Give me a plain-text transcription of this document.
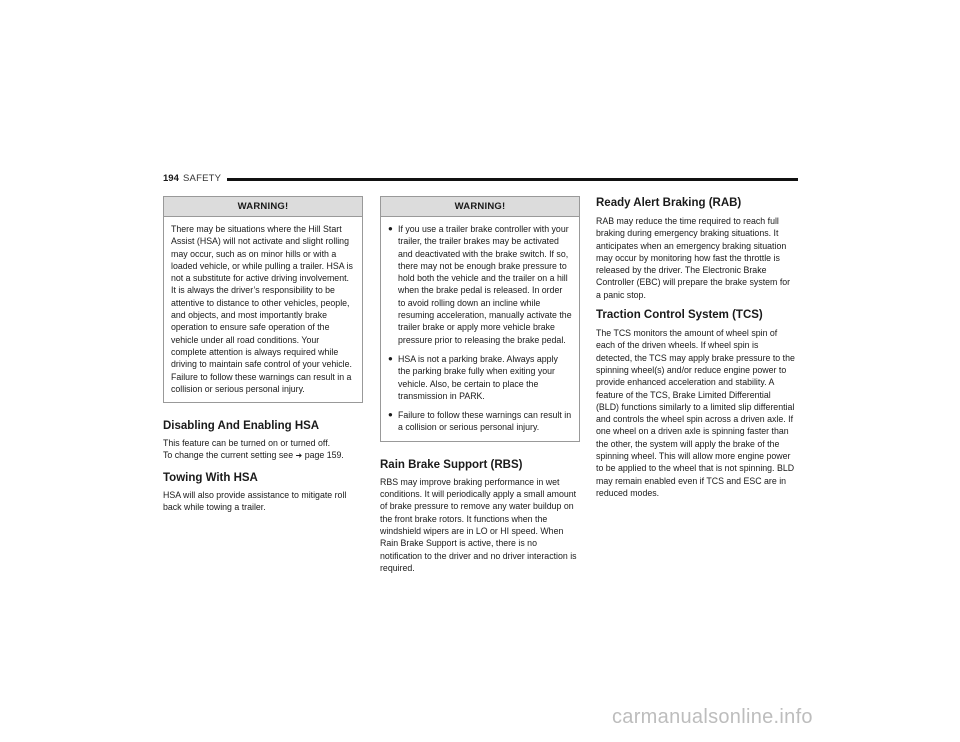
194 SAFETY
WARNING!
There may be situations where the Hill Start Assist (HSA) will not activate and slight rolling may occur, such as on minor hills or with a loaded vehicle, or while pulling a trailer. HSA is not a substitute for active driving involvement. It is always the driver’s responsibility to be attentive to distance to other vehicles, people, and objects, and most importantly brake operation to ensure safe operation of the vehicle under all road conditions. Your complete attention is always required while driving to maintain safe control of your vehicle. Failure to follow these warnings can result in a collision or serious personal injury.
Disabling And Enabling HSA

This feature can be turned on or turned off.
To change the current setting see ➜ page 159.

Towing With HSA

HSA will also provide assistance to mitigate roll back while towing a trailer.

WARNING!
● If you use a trailer brake controller with your trailer, the trailer brakes may be activated and deactivated with the brake switch. If so, there may not be enough brake pressure to hold both the vehicle and the trailer on a hill when the brake pedal is released. In order to avoid rolling down an incline while resuming acceleration, manually activate the trailer brake or apply more vehicle brake pressure prior to releasing the brake pedal.
● HSA is not a parking brake. Always apply the parking brake fully when exiting your vehicle. Also, be certain to place the transmission in PARK.
● Failure to follow these warnings can result in a collision or serious personal injury.
Rain Brake Support (RBS)

RBS may improve braking performance in wet conditions. It will periodically apply a small amount of brake pressure to remove any water buildup on the front brake rotors. It functions when the windshield wipers are in LO or HI speed. When Rain Brake Support is active, there is no notification to the driver and no driver interaction is required.

Ready Alert Braking (RAB)

RAB may reduce the time required to reach full braking during emergency braking situations. It anticipates when an emergency braking situation may occur by monitoring how fast the throttle is released by the driver. The Electronic Brake Controller (EBC) will prepare the brake system for a panic stop.

Traction Control System (TCS)

The TCS monitors the amount of wheel spin of each of the driven wheels. If wheel spin is detected, the TCS may apply brake pressure to the spinning wheel(s) and/or reduce engine power to provide enhanced acceleration and stability. A feature of the TCS, Brake Limited Differential (BLD) functions similarly to a limited slip differential and controls the wheel spin across a driven axle. If one wheel on a driven axle is spinning faster than the other, the system will apply the brake of the spinning wheel. This will allow more engine power to be applied to the wheel that is not spinning. BLD may remain enabled even if TCS and ESC are in reduced modes.

carmanualsonline.info
